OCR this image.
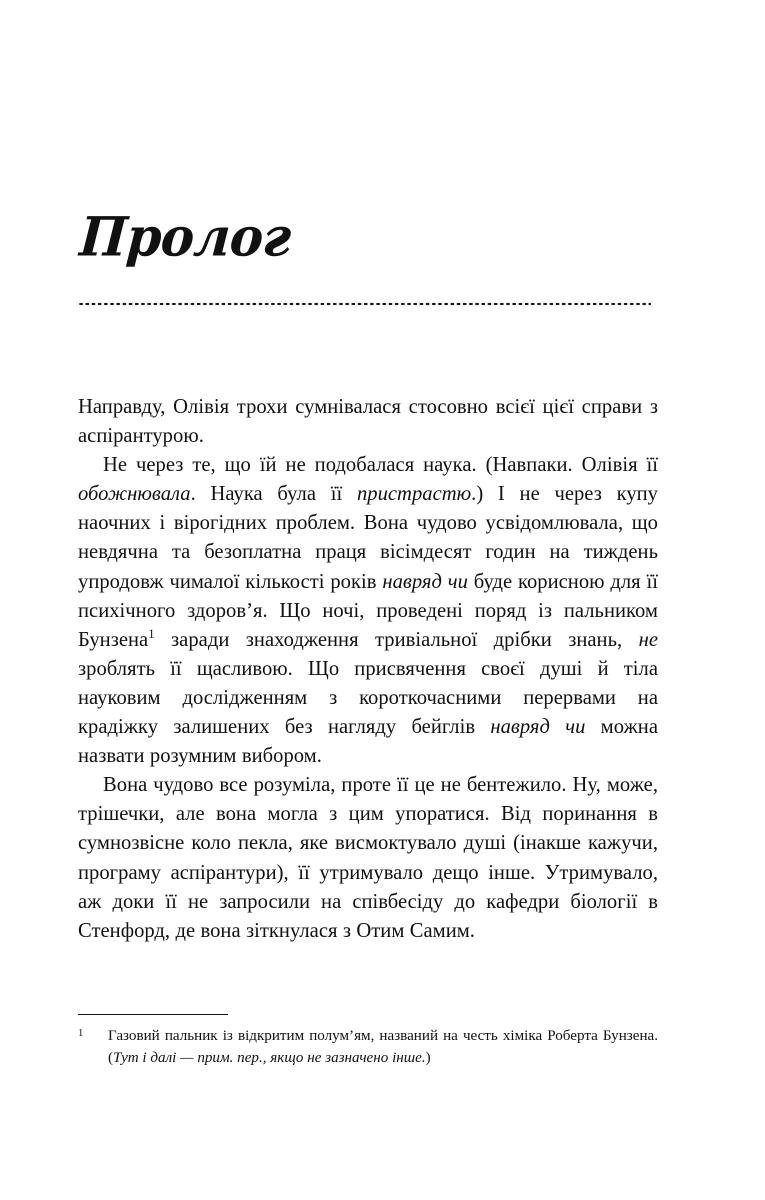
Пролог

Направду, Олівія трохи сумнівалася стосовно всієї цієї справи з аспірантурою.

Не через те, що їй не подобалася наука. (Навпаки. Олівія її обожнювала. Наука була її пристрастю.) І не через купу наочних і вірогідних проблем. Вона чудово усвідомлювала, що невдячна та безоплатна праця вісімдесят годин на тиждень упродовж чималої кількості років навряд чи буде корисною для її психічного здоров’я. Що ночі, проведені поряд із пальником Бунзена$^1$ заради знаходження тривіальної дрібки знань, не зроблять її щасливою. Що присвячення своєї душі й тіла науковим дослідженням з короткочасними перервами на крадіжку залишених без нагляду бейглів навряд чи можна назвати розумним вибором.

Вона чудово все розуміла, проте її це не бентежило. Ну, може, трішечки, але вона могла з цим упоратися. Від поринання в сумнозвісне коло пекла, яке висмоктувало душі (інакше кажучи, програму аспірантури), її утримувало дещо інше. Утримувало, аж доки її не запросили на співбесіду до кафедри біології в Стенфорд, де вона зіткнулася з Отим Самим.

1 Газовий пальник із відкритим полум’ям, названий на честь хіміка Роберта Бунзена. (Тут і далі — прим. пер., якщо не зазначено інше.)
